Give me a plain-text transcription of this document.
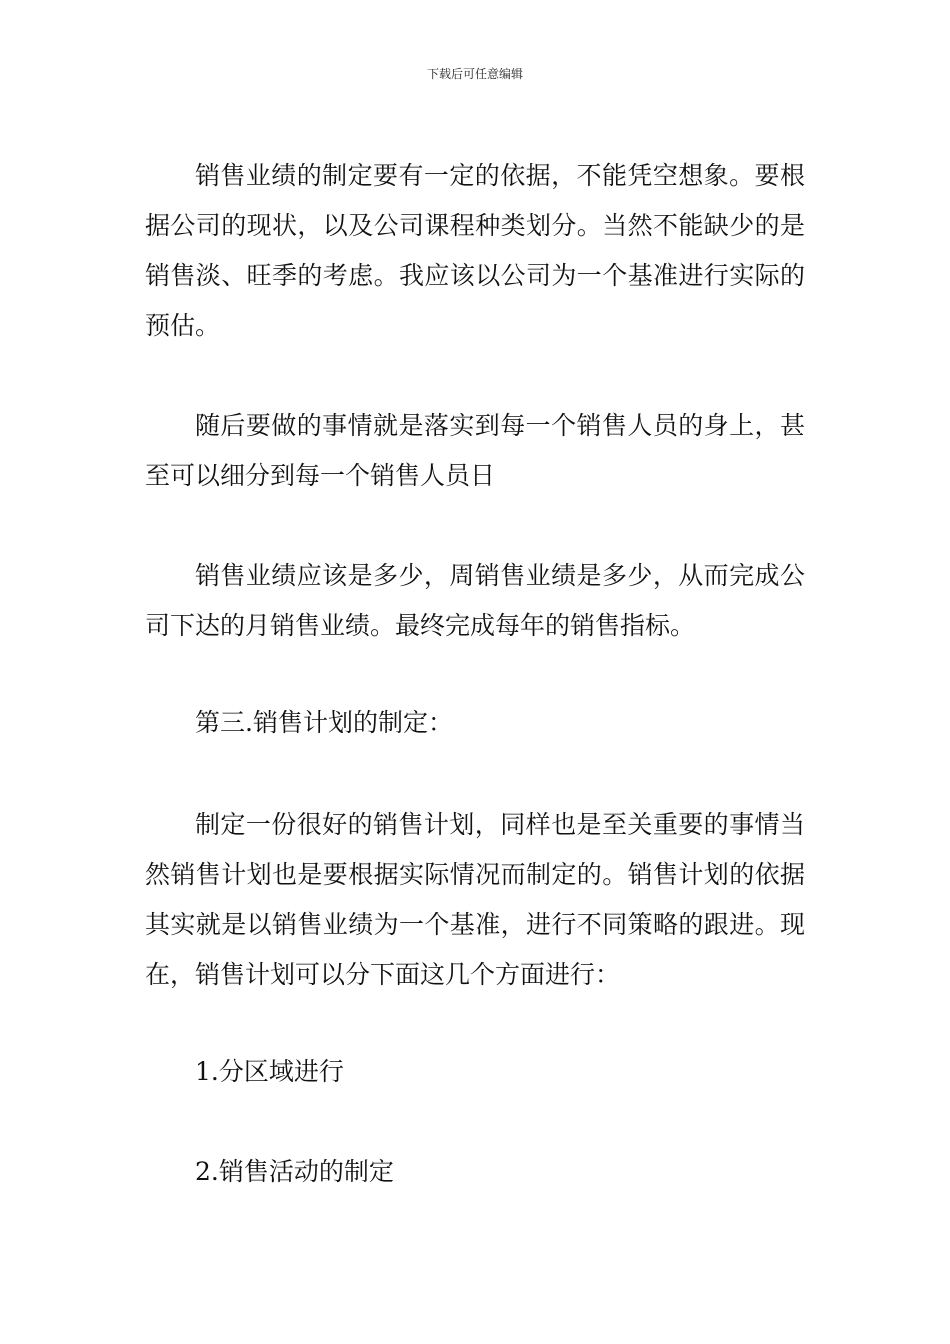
下载后可任意编辑

销售业绩的制定要有一定的依据，不能凭空想象。要根据公司的现状，以及公司课程种类划分。当然不能缺少的是销售淡、旺季的考虑。我应该以公司为一个基准进行实际的预估。

随后要做的事情就是落实到每一个销售人员的身上，甚至可以细分到每一个销售人员日

销售业绩应该是多少，周销售业绩是多少，从而完成公司下达的月销售业绩。最终完成每年的销售指标。

第三.销售计划的制定：

制定一份很好的销售计划，同样也是至关重要的事情当然销售计划也是要根据实际情况而制定的。销售计划的依据其实就是以销售业绩为一个基准，进行不同策略的跟进。现在，销售计划可以分下面这几个方面进行：

1.分区域进行

2.销售活动的制定
